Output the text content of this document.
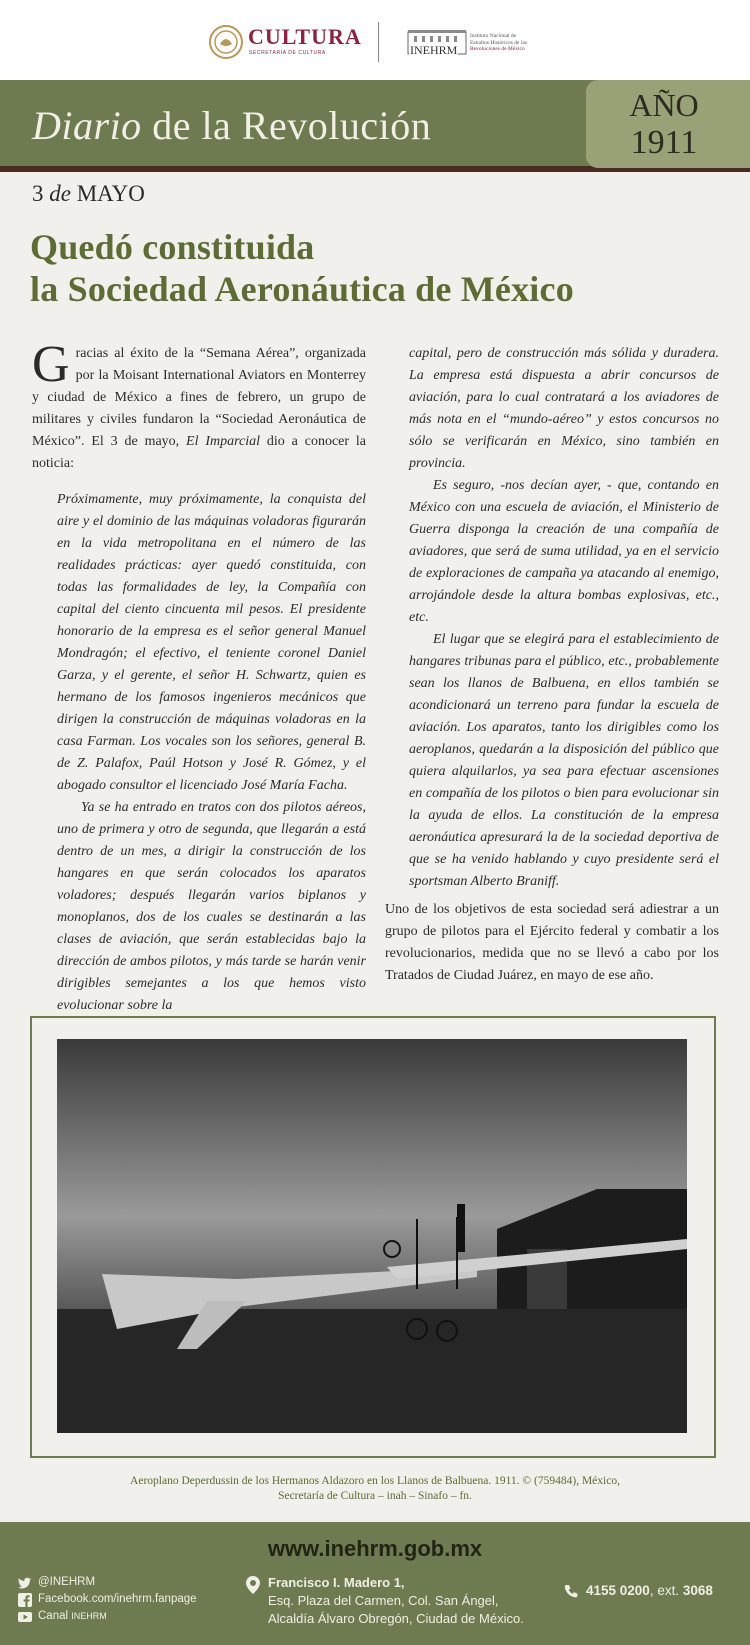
CULTURA
SECRETARÍA DE CULTURA	INEHRM
Instituto Nacional de
Estudios Históricos de las
Revoluciones de México
Diario de la Revolución	AÑO
1911
3 de MAYO
Quedó constituida
la Sociedad Aeronáutica de México

Gracias al éxito de la “Semana Aérea”, organizada por la Moisant International Aviators en Monterrey y ciudad de México a fines de febrero, un grupo de militares y civiles fundaron la “Sociedad Aeronáutica de México”. El 3 de mayo, El Imparcial dio a conocer la noticia:

Próximamente, muy próximamente, la conquista del aire y el dominio de las máquinas voladoras figurarán en la vida metropolitana en el número de las realidades prácticas: ayer quedó constituida, con todas las formalidades de ley, la Compañía con capital del ciento cincuenta mil pesos. El presidente honorario de la empresa es el señor general Manuel Mondragón; el efectivo, el teniente coronel Daniel Garza, y el gerente, el señor H. Schwartz, quien es hermano de los famosos ingenieros mecánicos que dirigen la construcción de máquinas voladoras en la casa Farman. Los vocales son los señores, general B. de Z. Palafox, Paúl Hotson y José R. Gómez, y el abogado consultor el licenciado José María Facha.

Ya se ha entrado en tratos con dos pilotos aéreos, uno de primera y otro de segunda, que llegarán a está dentro de un mes, a dirigir la construcción de los hangares en que serán colocados los aparatos voladores; después llegarán varios biplanos y monoplanos, dos de los cuales se destinarán a las clases de aviación, que serán establecidas bajo la dirección de ambos pilotos, y más tarde se harán venir dirigibles semejantes a los que hemos visto evolucionar sobre la

capital, pero de construcción más sólida y duradera. La empresa está dispuesta a abrir concursos de aviación, para lo cual contratará a los aviadores de más nota en el “mundo-aéreo” y estos concursos no sólo se verificarán en México, sino también en provincia.

Es seguro, -nos decían ayer, - que, contando en México con una escuela de aviación, el Ministerio de Guerra disponga la creación de una compañía de aviadores, que será de suma utilidad, ya en el servicio de exploraciones de campaña ya atacando al enemigo, arrojándole desde la altura bombas explosivas, etc., etc.

El lugar que se elegirá para el establecimiento de hangares tribunas para el público, etc., probablemente sean los llanos de Balbuena, en ellos también se acondicionará un terreno para fundar la escuela de aviación. Los aparatos, tanto los dirigibles como los aeroplanos, quedarán a la disposición del público que quiera alquilarlos, ya sea para efectuar ascensiones en compañía de los pilotos o bien para evolucionar sin la ayuda de ellos. La constitución de la empresa aeronáutica apresurará la de la sociedad deportiva de que se ha venido hablando y cuyo presidente será el sportsman Alberto Braniff.

Uno de los objetivos de esta sociedad será adiestrar a un grupo de pilotos para el Ejército federal y combatir a los revolucionarios, medida que no se llevó a cabo por los Tratados de Ciudad Juárez, en mayo de ese año.

Aeroplano Deperdussin de los Hermanos Aldazoro en los Llanos de Balbuena. 1911. © (759484), México,
Secretaría de Cultura – inah – Sinafo – fn.
www.inehrm.gob.mx
@INEHRM
Facebook.com/inehrm.fanpage
Canal INEHRM
Francisco I. Madero 1,
Esq. Plaza del Carmen, Col. San Ángel,
Alcaldía Álvaro Obregón, Ciudad de México.
4155 0200, ext. 3068
